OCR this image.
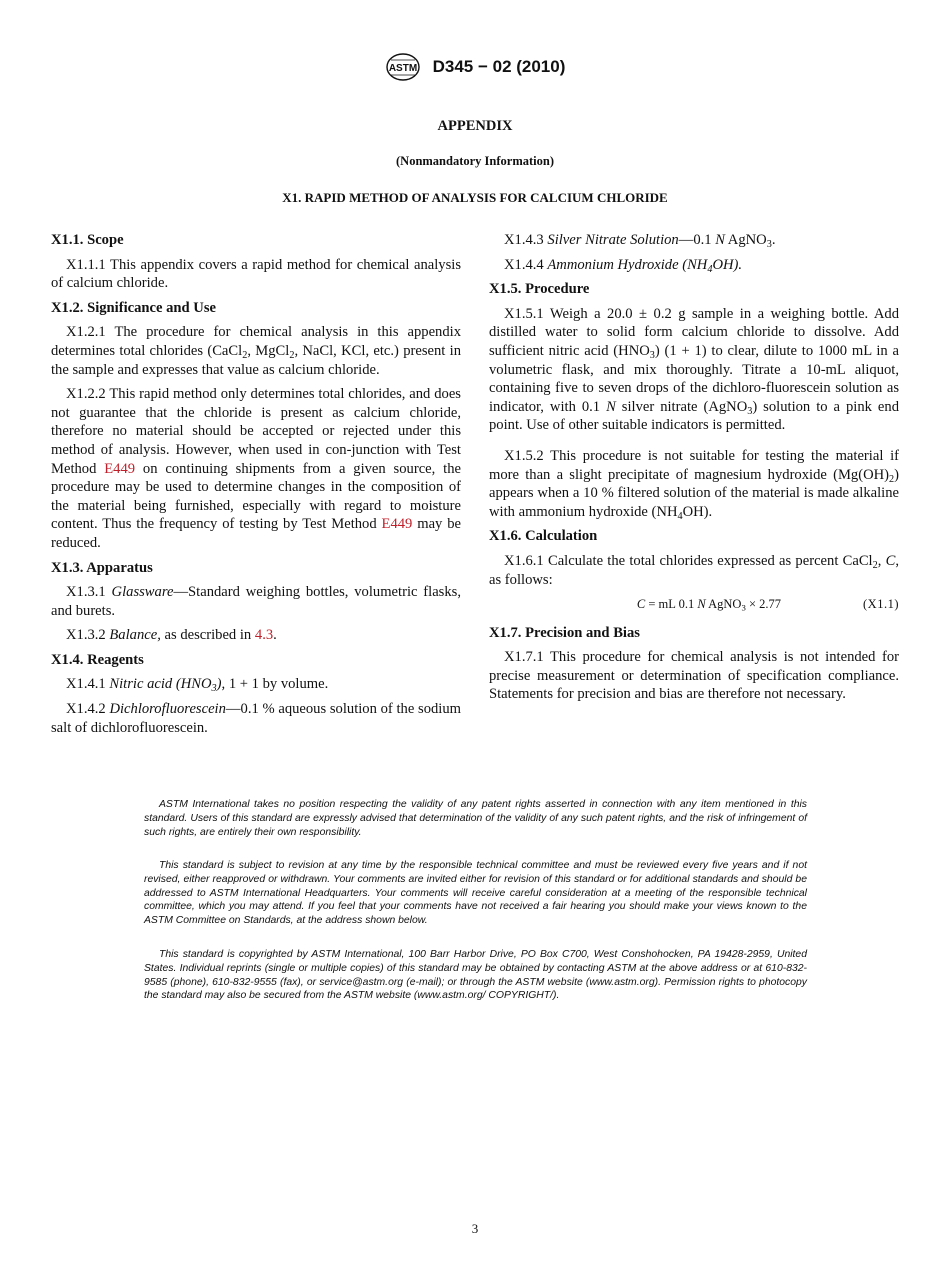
ASTM D345 − 02 (2010)
APPENDIX
(Nonmandatory Information)
X1. RAPID METHOD OF ANALYSIS FOR CALCIUM CHLORIDE
X1.1. Scope

X1.1.1 This appendix covers a rapid method for chemical analysis of calcium chloride.

X1.2. Significance and Use

X1.2.1 The procedure for chemical analysis in this appendix determines total chlorides (CaCl$_2$, MgCl$_2$, NaCl, KCl, etc.) present in the sample and expresses that value as calcium chloride.

X1.2.2 This rapid method only determines total chlorides, and does not guarantee that the chloride is present as calcium chloride, therefore no material should be accepted or rejected under this method of analysis. However, when used in con-junction with Test Method E449 on continuing shipments from a given source, the procedure may be used to determine changes in the composition of the material being furnished, especially with regard to moisture content. Thus the frequency of testing by Test Method E449 may be reduced.

X1.3. Apparatus

X1.3.1 Glassware—Standard weighing bottles, volumetric flasks, and burets.

X1.3.2 Balance, as described in 4.3.

X1.4. Reagents

X1.4.1 Nitric acid $(HNO_3)$, 1 + 1 by volume.

X1.4.2 Dichlorofluorescein—0.1 % aqueous solution of the sodium salt of dichlorofluorescein.

X1.4.3 Silver Nitrate Solution—0.1 N AgNO$_3$.

X1.4.4 Ammonium Hydroxide $(NH_4OH)$.

X1.5. Procedure

X1.5.1 Weigh a 20.0 ± 0.2 g sample in a weighing bottle. Add distilled water to solid form calcium chloride to dissolve. Add sufficient nitric acid $(HNO_3) (1 + 1)$ to clear, dilute to 1000 mL in a volumetric flask, and mix thoroughly. Titrate a 10-mL aliquot, containing five to seven drops of the dichloro-fluorescein solution as indicator, with 0.1 N silver nitrate (AgNO$_3$) solution to a pink end point. Use of other suitable indicators is permitted.

X1.5.2 This procedure is not suitable for testing the material if more than a slight precipitate of magnesium hydroxide $(Mg(OH)_2)$ appears when a 10 % filtered solution of the material is made alkaline with ammonium hydroxide $(NH_4OH)$.

X1.6. Calculation

X1.6.1 Calculate the total chlorides expressed as percent CaCl$_2$, C, as follows:

C = mL 0.1 N AgNO$_3$ × 2.77	(X1.1)
X1.7. Precision and Bias

X1.7.1 This procedure for chemical analysis is not intended for precise measurement or determination of specification compliance. Statements for precision and bias are therefore not necessary.

ASTM International takes no position respecting the validity of any patent rights asserted in connection with any item mentioned in this standard. Users of this standard are expressly advised that determination of the validity of any such patent rights, and the risk of infringement of such rights, are entirely their own responsibility.

This standard is subject to revision at any time by the responsible technical committee and must be reviewed every five years and if not revised, either reapproved or withdrawn. Your comments are invited either for revision of this standard or for additional standards and should be addressed to ASTM International Headquarters. Your comments will receive careful consideration at a meeting of the responsible technical committee, which you may attend. If you feel that your comments have not received a fair hearing you should make your views known to the ASTM Committee on Standards, at the address shown below.

This standard is copyrighted by ASTM International, 100 Barr Harbor Drive, PO Box C700, West Conshohocken, PA 19428-2959, United States. Individual reprints (single or multiple copies) of this standard may be obtained by contacting ASTM at the above address or at 610-832-9585 (phone), 610-832-9555 (fax), or service@astm.org (e-mail); or through the ASTM website (www.astm.org). Permission rights to photocopy the standard may also be secured from the ASTM website (www.astm.org/ COPYRIGHT/).

3
